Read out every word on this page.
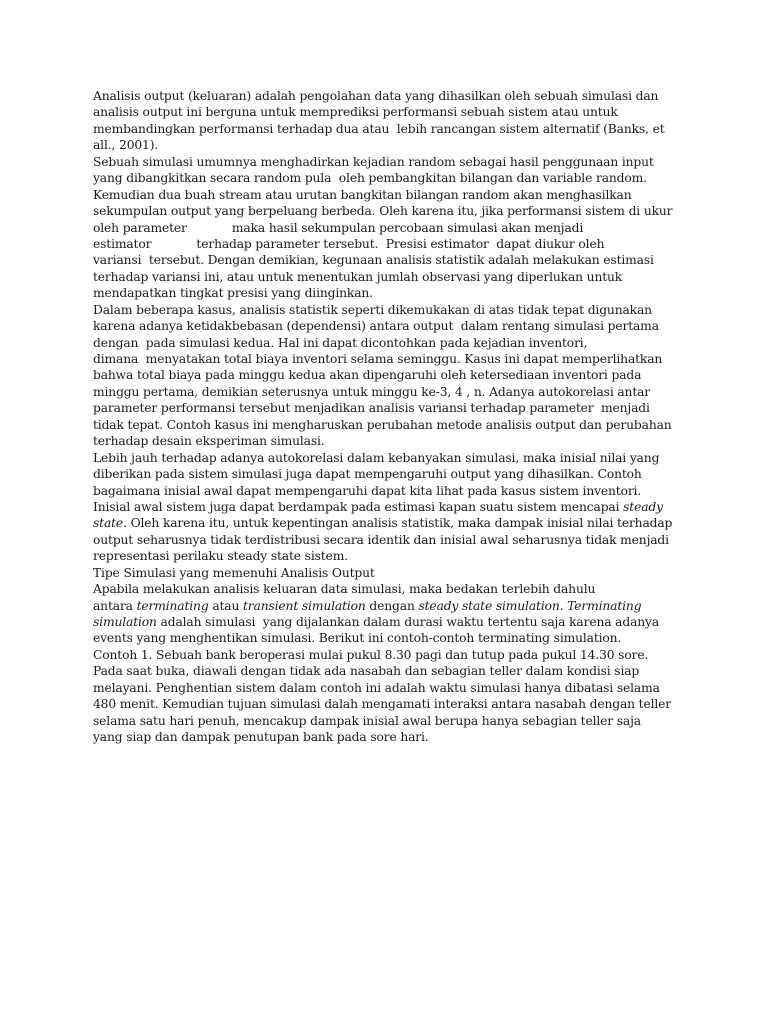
Analisis output (keluaran) adalah pengolahan data yang dihasilkan oleh sebuah simulasi dan
analisis output ini berguna untuk memprediksi performansi sebuah sistem atau untuk
membandingkan performansi terhadap dua atau  lebih rancangan sistem alternatif (Banks, et
all., 2001).
Sebuah simulasi umumnya menghadirkan kejadian random sebagai hasil penggunaan input
yang dibangkitkan secara random pula  oleh pembangkitan bilangan dan variable random.
Kemudian dua buah stream atau urutan bangkitan bilangan random akan menghasilkan
sekumpulan output yang berpeluang berbeda. Oleh karena itu, jika performansi sistem di ukur
oleh parameter            maka hasil sekumpulan percobaan simulasi akan menjadi
estimator            terhadap parameter tersebut.  Presisi estimator  dapat diukur oleh
variansi  tersebut. Dengan demikian, kegunaan analisis statistik adalah melakukan estimasi
terhadap variansi ini, atau untuk menentukan jumlah observasi yang diperlukan untuk
mendapatkan tingkat presisi yang diinginkan.
Dalam beberapa kasus, analisis statistik seperti dikemukakan di atas tidak tepat digunakan
karena adanya ketidakbebasan (dependensi) antara output  dalam rentang simulasi pertama
dengan  pada simulasi kedua. Hal ini dapat dicontohkan pada kejadian inventori,
dimana  menyatakan total biaya inventori selama seminggu. Kasus ini dapat memperlihatkan
bahwa total biaya pada minggu kedua akan dipengaruhi oleh ketersediaan inventori pada
minggu pertama, demikian seterusnya untuk minggu ke-3, 4 , n. Adanya autokorelasi antar
parameter performansi tersebut menjadikan analisis variansi terhadap parameter  menjadi
tidak tepat. Contoh kasus ini mengharuskan perubahan metode analisis output dan perubahan
terhadap desain eksperiman simulasi.
Lebih jauh terhadap adanya autokorelasi dalam kebanyakan simulasi, maka inisial nilai yang
diberikan pada sistem simulasi juga dapat mempengaruhi output yang dihasilkan. Contoh
bagaimana inisial awal dapat mempengaruhi dapat kita lihat pada kasus sistem inventori.
Inisial awal sistem juga dapat berdampak pada estimasi kapan suatu sistem mencapai steady
state. Oleh karena itu, untuk kepentingan analisis statistik, maka dampak inisial nilai terhadap
output seharusnya tidak terdistribusi secara identik dan inisial awal seharusnya tidak menjadi
representasi perilaku steady state sistem.
Tipe Simulasi yang memenuhi Analisis Output
Apabila melakukan analisis keluaran data simulasi, maka bedakan terlebih dahulu
antara terminating atau transient simulation dengan steady state simulation. Terminating
simulation adalah simulasi  yang dijalankan dalam durasi waktu tertentu saja karena adanya
events yang menghentikan simulasi. Berikut ini contoh-contoh terminating simulation.
Contoh 1. Sebuah bank beroperasi mulai pukul 8.30 pagi dan tutup pada pukul 14.30 sore.
Pada saat buka, diawali dengan tidak ada nasabah dan sebagian teller dalam kondisi siap
melayani. Penghentian sistem dalam contoh ini adalah waktu simulasi hanya dibatasi selama
480 menit. Kemudian tujuan simulasi dalah mengamati interaksi antara nasabah dengan teller
selama satu hari penuh, mencakup dampak inisial awal berupa hanya sebagian teller saja
yang siap dan dampak penutupan bank pada sore hari.
